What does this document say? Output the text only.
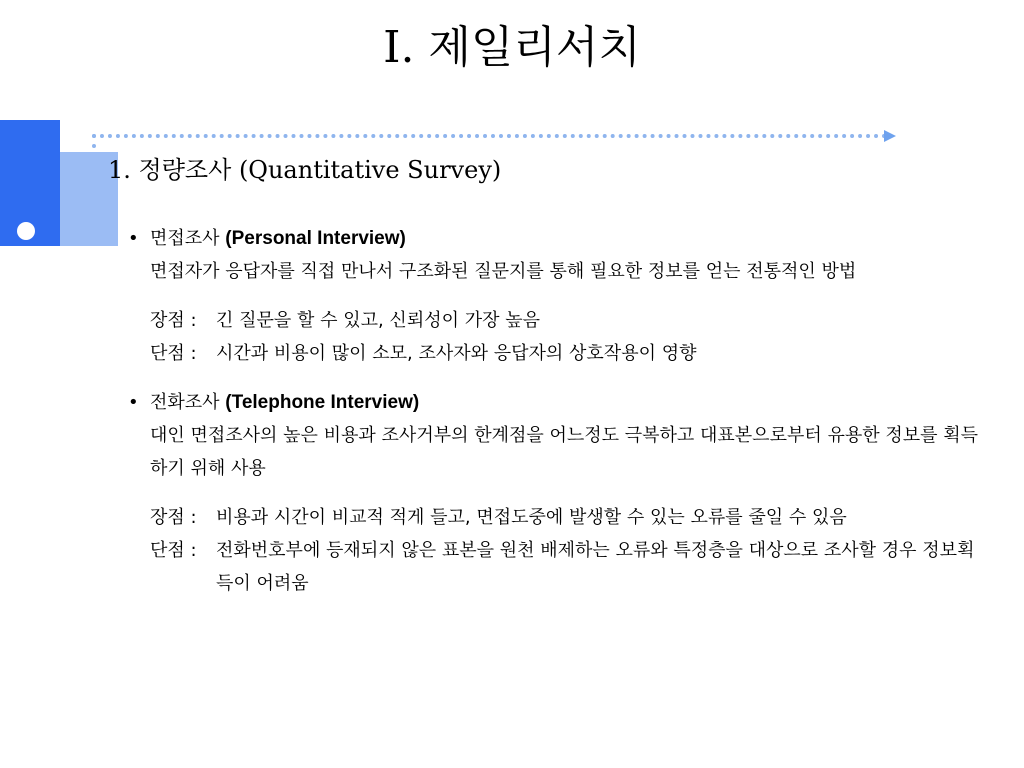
I. 제일리서치
1. 정량조사 (Quantitative Survey)
• 면접조사 (Personal Interview)
면접자가 응답자를 직접 만나서 구조화된 질문지를 통해 필요한 정보를 얻는 전통적인 방법
장점 :	긴 질문을 할 수 있고, 신뢰성이 가장 높음
단점 :	시간과 비용이 많이 소모, 조사자와 응답자의 상호작용이 영향
• 전화조사 (Telephone Interview)
대인 면접조사의 높은 비용과 조사거부의 한계점을 어느정도 극복하고 대표본으로부터 유용한 정보를 획득하기 위해 사용
장점 :	비용과 시간이 비교적 적게 들고, 면접도중에 발생할 수 있는 오류를 줄일 수 있음
단점 :	전화번호부에 등재되지 않은 표본을 원천 배제하는 오류와 특정층을 대상으로 조사할 경우 정보획득이 어려움
